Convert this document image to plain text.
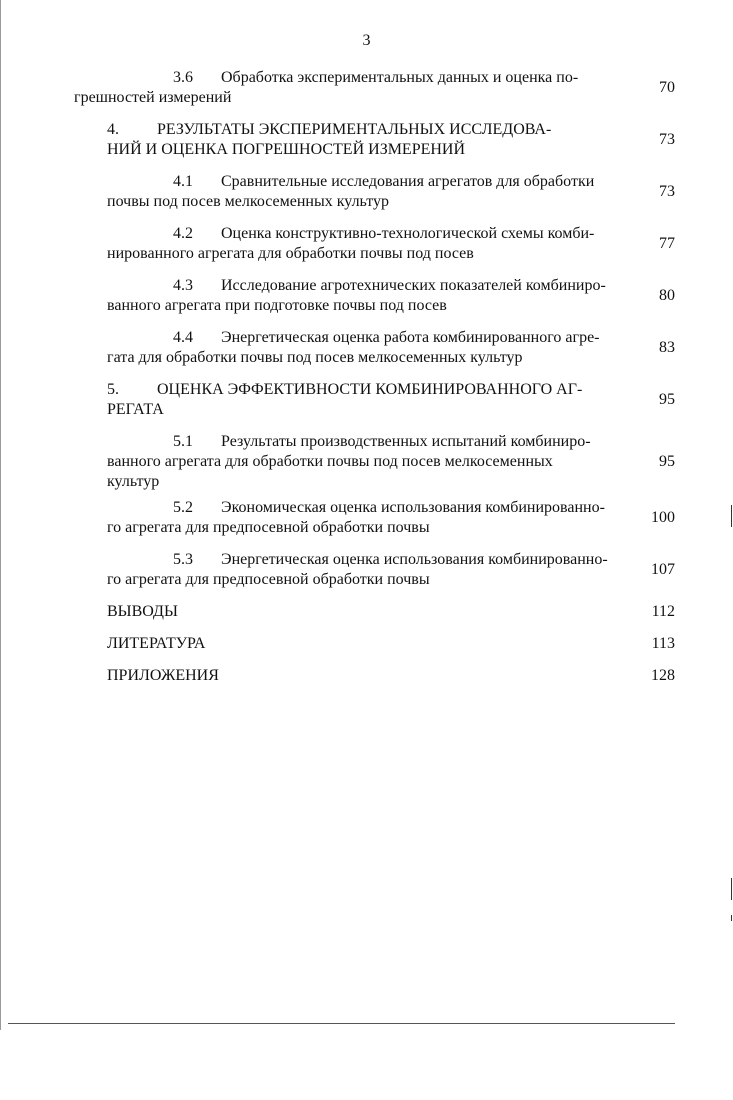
3
3.6 Обработка экспериментальных данных и оценка по-
грешностей измерений
70
4. РЕЗУЛЬТАТЫ ЭКСПЕРИМЕНТАЛЬНЫХ ИССЛЕДОВА-
НИЙ И ОЦЕНКА ПОГРЕШНОСТЕЙ ИЗМЕРЕНИЙ
73
4.1 Сравнительные исследования агрегатов для обработки
почвы под посев мелкосеменных культур
73
4.2 Оценка конструктивно-технологической схемы комби-
нированного агрегата для обработки почвы под посев
77
4.3 Исследование агротехнических показателей комбиниро-
ванного агрегата при подготовке почвы под посев
80
4.4 Энергетическая оценка работа комбинированного агре-
гата для обработки почвы под посев мелкосеменных культур
83
5. ОЦЕНКА ЭФФЕКТИВНОСТИ КОМБИНИРОВАННОГО АГ-
РЕГАТА
95
5.1 Результаты производственных испытаний комбиниро-
ванного агрегата для обработки почвы под посев мелкосеменных
культур
95
5.2 Экономическая оценка использования комбинированно-
го агрегата для предпосевной обработки почвы
100
5.3 Энергетическая оценка использования комбинированно-
го агрегата для предпосевной обработки почвы
107
ВЫВОДЫ	112
ЛИТЕРАТУРА	113
ПРИЛОЖЕНИЯ	128
